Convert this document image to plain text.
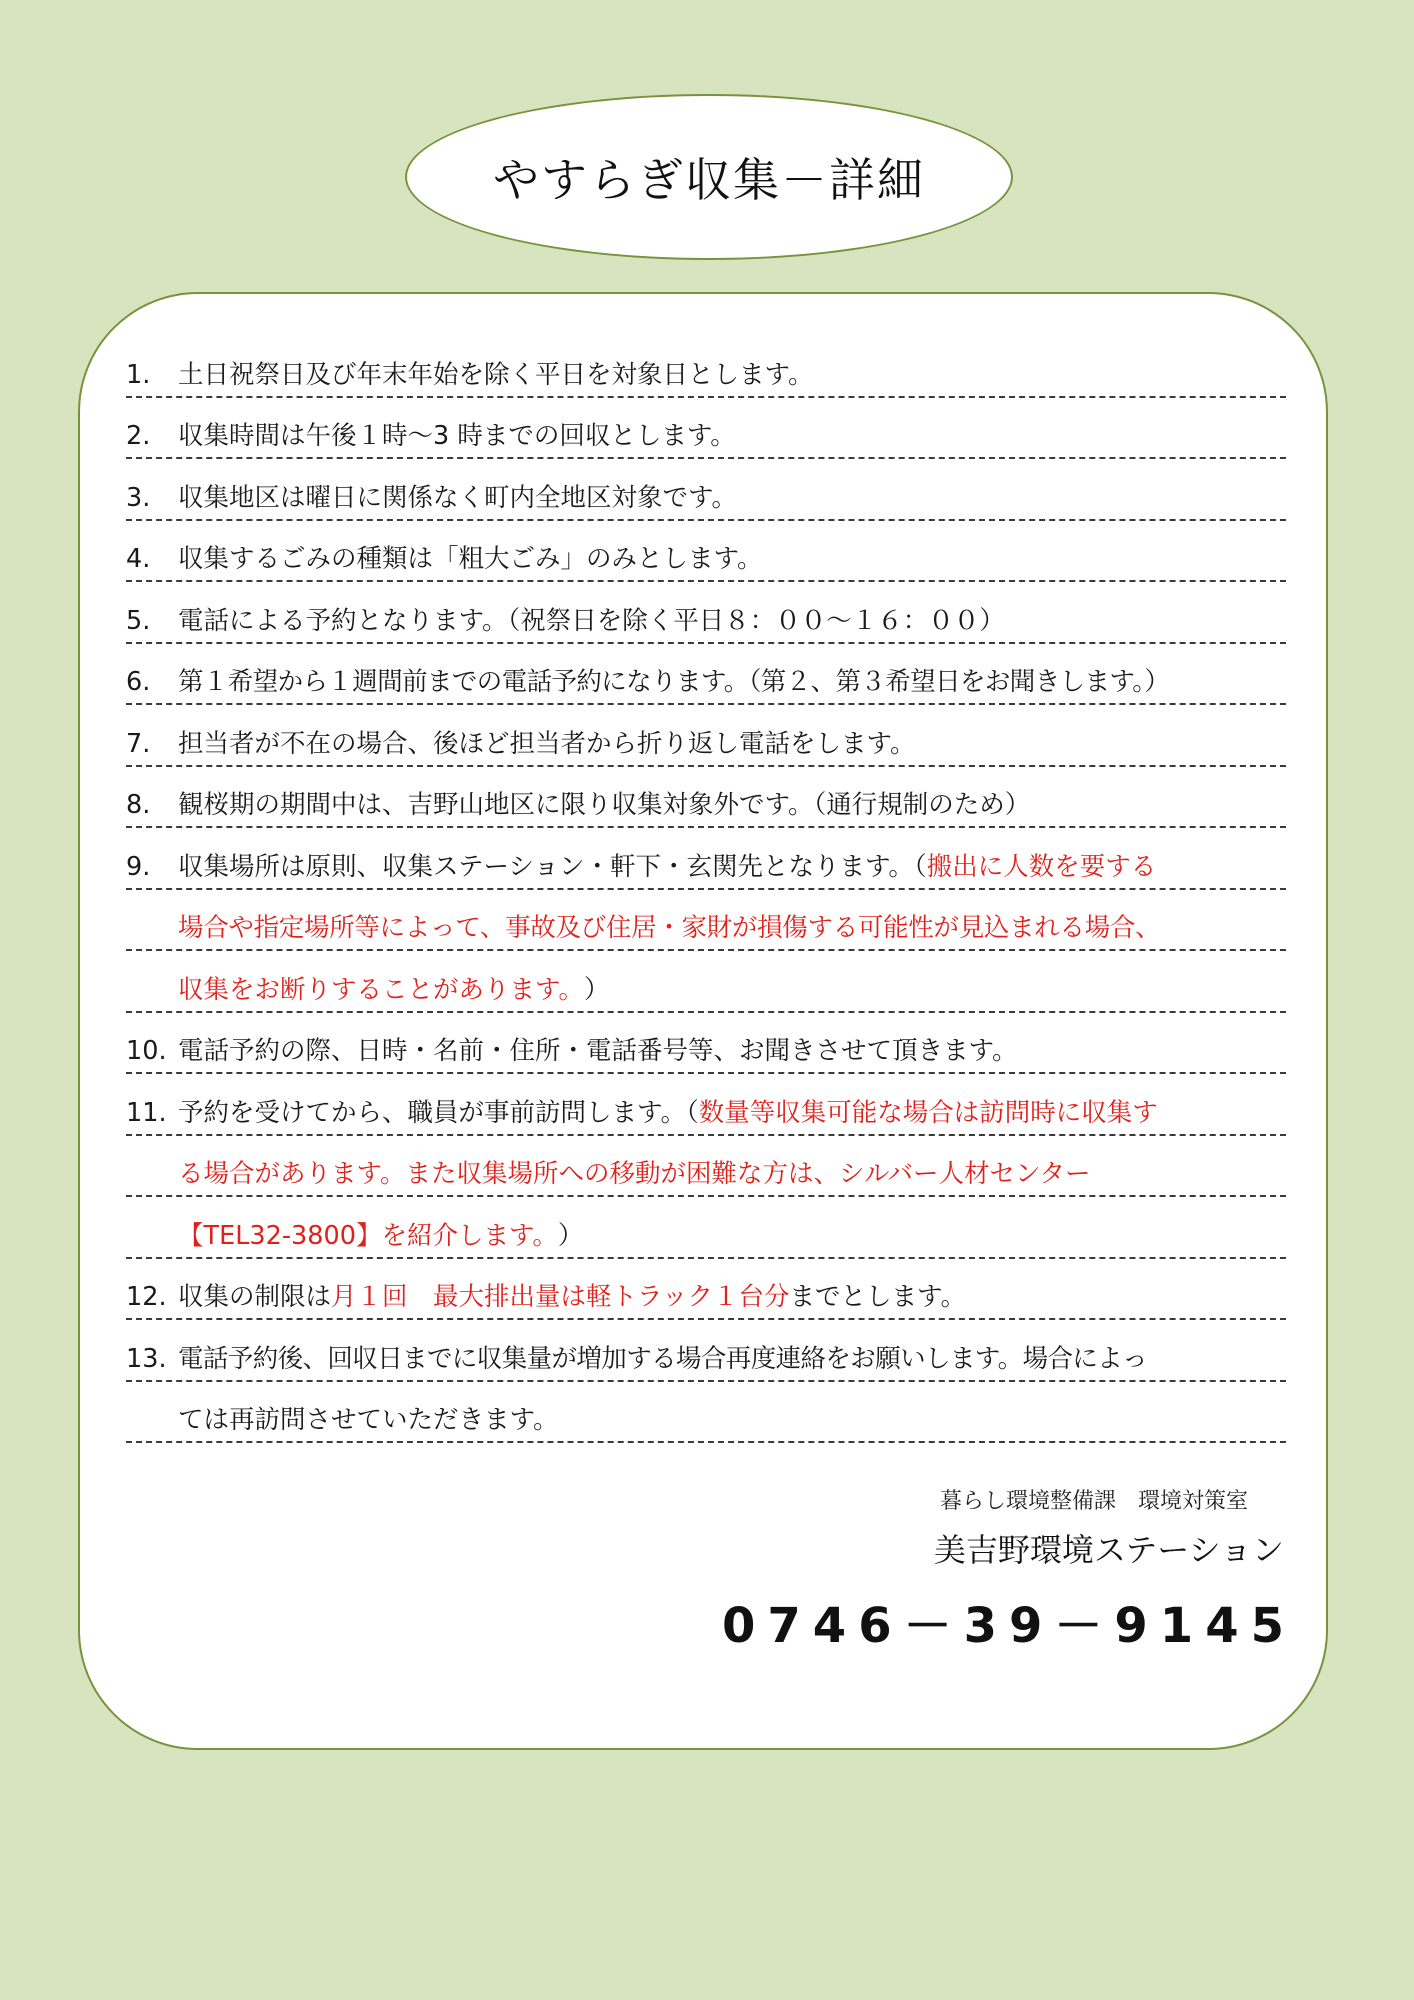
やすらぎ収集－詳細
1.	土日祝祭日及び年末年始を除く平日を対象日とします。
2.	収集時間は午後１時～3 時までの回収とします。
3.	収集地区は曜日に関係なく町内全地区対象です。
4.	収集するごみの種類は「粗大ごみ」のみとします。
5.	電話による予約となります。（祝祭日を除く平日８：００～１６：００）
6.	第１希望から１週間前までの電話予約になります。（第２、第３希望日をお聞きします。）
7.	担当者が不在の場合、後ほど担当者から折り返し電話をします。
8.	観桜期の期間中は、吉野山地区に限り収集対象外です。（通行規制のため）
9.	収集場所は原則、収集ステーション・軒下・玄関先となります。（ 搬出に人数を要する
場合や指定場所等によって、事故及び住居・家財が損傷する可能性が見込まれる場合、
収集をお断りすることがあります。 ）
10. 電話予約の際、日時・名前・住所・電話番号等、お聞きさせて頂きます。
11. 予約を受けてから、職員が事前訪問します。（ 数量等収集可能な場合は訪問時に収集す
る場合があります。また収集場所への移動が困難な方は、シルバー人材センター
【TEL32-3800】を紹介します。 ）
12. 収集の制限は 月１回　最大排出量は軽トラック１台分 までとします。
13. 電話予約後、回収日までに収集量が増加する場合再度連絡をお願いします。場合によっ
ては再訪問させていただきます。
暮らし環境整備課　環境対策室
美吉野環境ステーション
0746－39－9145
